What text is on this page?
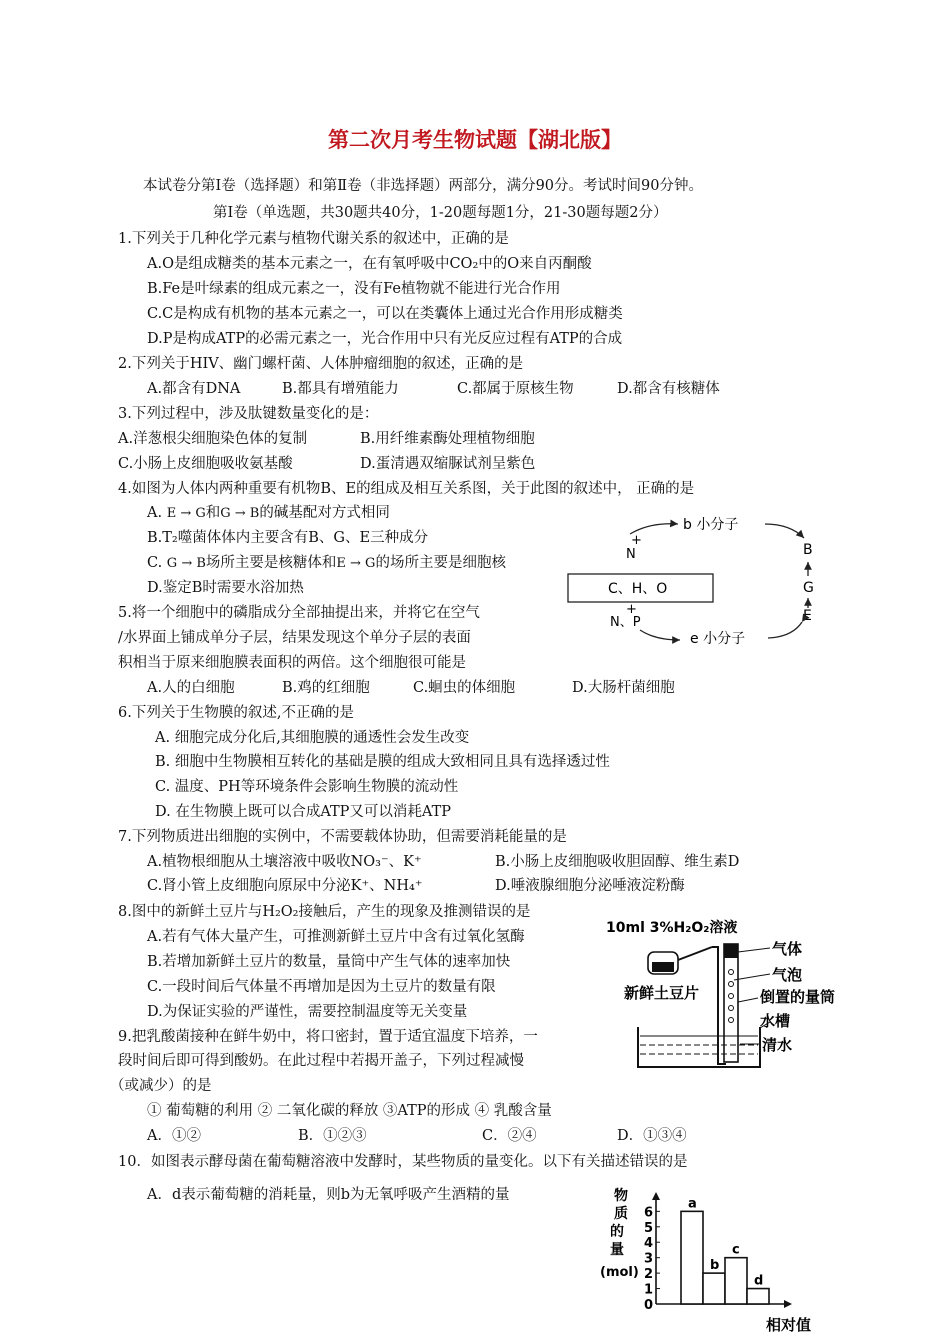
第二次月考生物试题【湖北版】
本试卷分第Ⅰ卷（选择题）和第Ⅱ卷（非选择题）两部分，满分90分。考试时间90分钟。
第Ⅰ卷（单选题，共30题共40分，1-20题每题1分，21-30题每题2分）
1.下列关于几种化学元素与植物代谢关系的叙述中，正确的是
A.O是组成糖类的基本元素之一，在有氧呼吸中CO₂中的O来自丙酮酸
B.Fe是叶绿素的组成元素之一，没有Fe植物就不能进行光合作用
C.C是构成有机物的基本元素之一，可以在类囊体上通过光合作用形成糖类
D.P是构成ATP的必需元素之一，光合作用中只有光反应过程有ATP的合成
2.下列关于HIV、幽门螺杆菌、人体肿瘤细胞的叙述，正确的是
A.都含有DNA	B.都具有增殖能力	C.都属于原核生物	D.都含有核糖体
3.下列过程中，涉及肽键数量变化的是：
A.洋葱根尖细胞染色体的复制	B.用纤维素酶处理植物细胞
C.小肠上皮细胞吸收氨基酸	D.蛋清遇双缩脲试剂呈紫色
4.如图为人体内两种重要有机物B、E的组成及相互关系图，关于此图的叙述中， 正确的是
A. E → G和G → B的碱基配对方式相同
B.T₂噬菌体体内主要含有B、G、E三种成分
C. G → B场所主要是核糖体和E → G的场所主要是细胞核
D.鉴定B时需要水浴加热
b 小分子
B
G
E
e 小分子
N
+
C、H、O
+
N、P
5.将一个细胞中的磷脂成分全部抽提出来，并将它在空气
/水界面上铺成单分子层，结果发现这个单分子层的表面
积相当于原来细胞膜表面积的两倍。这个细胞很可能是
A.人的白细胞	B.鸡的红细胞	C.蛔虫的体细胞	D.大肠杆菌细胞
6.下列关于生物膜的叙述,不正确的是
A. 细胞完成分化后,其细胞膜的通透性会发生改变
B. 细胞中生物膜相互转化的基础是膜的组成大致相同且具有选择透过性
C. 温度、PH等环境条件会影响生物膜的流动性
D. 在生物膜上既可以合成ATP又可以消耗ATP
7.下列物质进出细胞的实例中，不需要载体协助，但需要消耗能量的是
A.植物根细胞从土壤溶液中吸收NO₃⁻、K⁺	B.小肠上皮细胞吸收胆固醇、维生素D
C.肾小管上皮细胞向原尿中分泌K⁺、NH₄⁺	D.唾液腺细胞分泌唾液淀粉酶
8.图中的新鲜土豆片与H₂O₂接触后，产生的现象及推测错误的是
A.若有气体大量产生，可推测新鲜土豆片中含有过氧化氢酶
B.若增加新鲜土豆片的数量，量筒中产生气体的速率加快
C.一段时间后气体量不再增加是因为土豆片的数量有限
D.为保证实验的严谨性，需要控制温度等无关变量
10ml 3%H₂O₂溶液
新鲜土豆片
气体
气泡
倒置的量筒
水槽
清水
9.把乳酸菌接种在鲜牛奶中，将口密封，置于适宜温度下培养，一
段时间后即可得到酸奶。在此过程中若揭开盖子，下列过程减慢
（或减少）的是
① 葡萄糖的利用 ② 二氧化碳的释放 ③ATP的形成 ④ 乳酸含量
A．①②	B．①②③	C．②④	D．①③④
10．如图表示酵母菌在葡萄糖溶液中发酵时，某些物质的量变化。以下有关描述错误的是
A．d表示葡萄糖的消耗量，则b为无氧呼吸产生酒精的量	物
质
的
量
(mol)
相对值
0
1
2
3
4
5
6
a
b
c
d
